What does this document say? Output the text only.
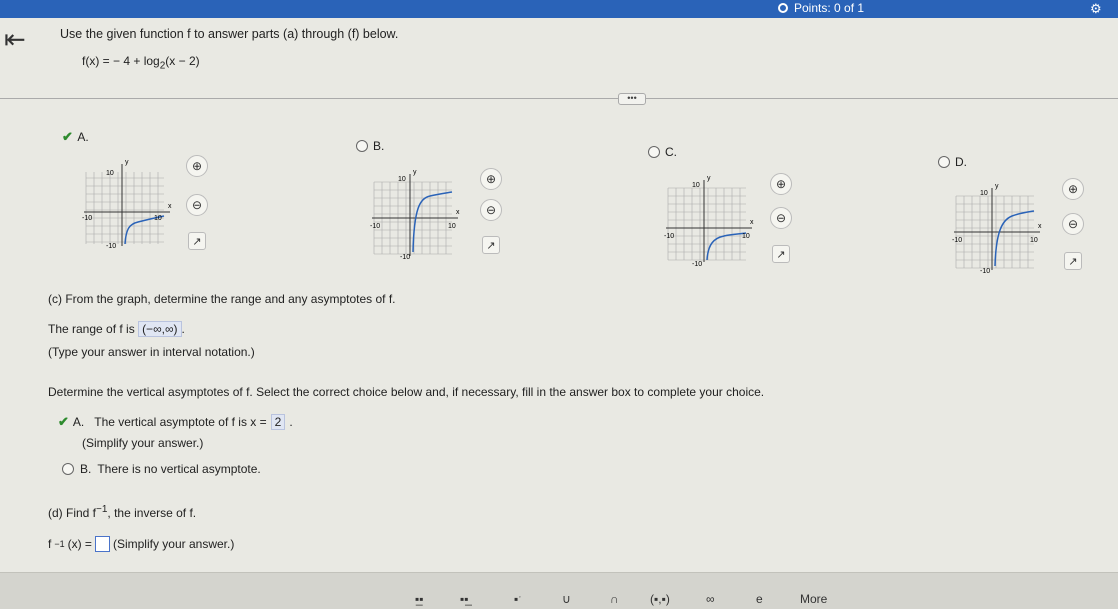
Points: 0 of 1	⚙
⇤	Use the given function f to answer parts (a) through (f) below.
f(x) = − $4 + \log_2(x - 2)$
•••
✔ A.
y
x
10
-10	10
-10
⊕
⊖
↗
B.
y
x
10
-10	10
-10
⊕
⊖
↗
C.
y
x
10
-10	10
-10
⊕
⊖
↗
D.
y
x
10
-10	10
-10
⊕
⊖
↗
(c) From the graph, determine the range and any asymptotes of f.
The range of f is (−∞,∞) .
(Type your answer in interval notation.)
Determine the vertical asymptotes of f. Select the correct choice below and, if necessary, fill in the answer box to complete your choice.
✔ A. The vertical asymptote of f is x = 2 .
(Simplify your answer.)
B. There is no vertical asymptote.
(d) Find $f^{-1}$, the inverse of f.
f −1 (x) = (Simplify your answer.)
▪̲▪	▪▪̲	▪ˑ	∪	∩	(▪,▪)	∞	e	More
